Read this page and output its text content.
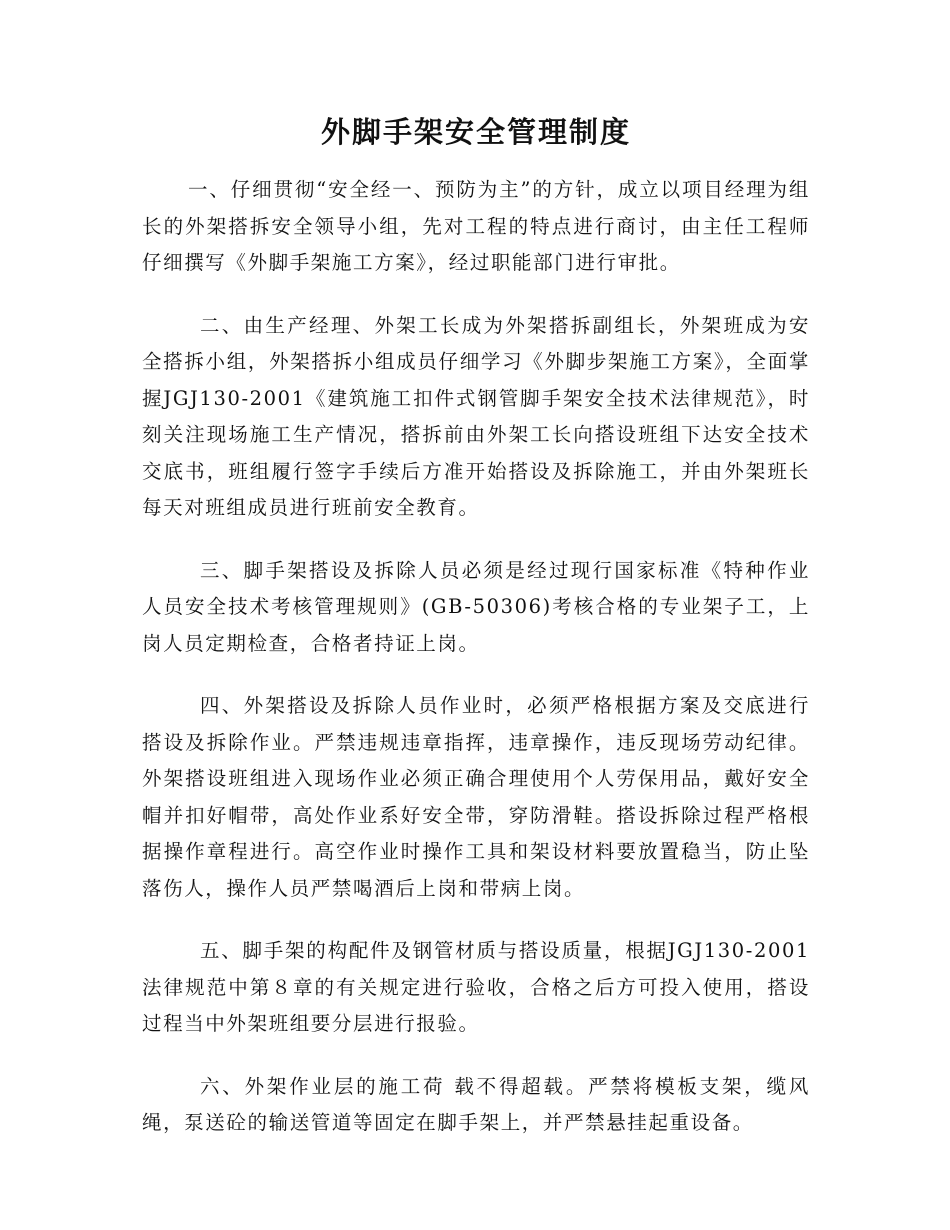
外脚手架安全管理制度

一、仔细贯彻“安全经一、预防为主”的方针，成立以项目经理为组长的外架搭拆安全领导小组，先对工程的特点进行商讨，由主任工程师仔细撰写《外脚手架施工方案》，经过职能部门进行审批。

二、由生产经理、外架工长成为外架搭拆副组长，外架班成为安全搭拆小组，外架搭拆小组成员仔细学习《外脚步架施工方案》，全面掌握JGJ130-2001《建筑施工扣件式钢管脚手架安全技术法律规范》，时刻关注现场施工生产情况，搭拆前由外架工长向搭设班组下达安全技术交底书，班组履行签字手续后方准开始搭设及拆除施工，并由外架班长每天对班组成员进行班前安全教育。

三、脚手架搭设及拆除人员必须是经过现行国家标准《特种作业人员安全技术考核管理规则》(GB-50306)考核合格的专业架子工，上岗人员定期检查，合格者持证上岗。

四、外架搭设及拆除人员作业时，必须严格根据方案及交底进行搭设及拆除作业。严禁违规违章指挥，违章操作，违反现场劳动纪律。外架搭设班组进入现场作业必须正确合理使用个人劳保用品，戴好安全帽并扣好帽带，高处作业系好安全带，穿防滑鞋。搭设拆除过程严格根据操作章程进行。高空作业时操作工具和架设材料要放置稳当，防止坠落伤人，操作人员严禁喝酒后上岗和带病上岗。

五、脚手架的构配件及钢管材质与搭设质量，根据JGJ130-2001法律规范中第８章的有关规定进行验收，合格之后方可投入使用，搭设过程当中外架班组要分层进行报验。

六、外架作业层的施工荷 载不得超载。严禁将模板支架，缆风绳，泵送砼的输送管道等固定在脚手架上，并严禁悬挂起重设备。
